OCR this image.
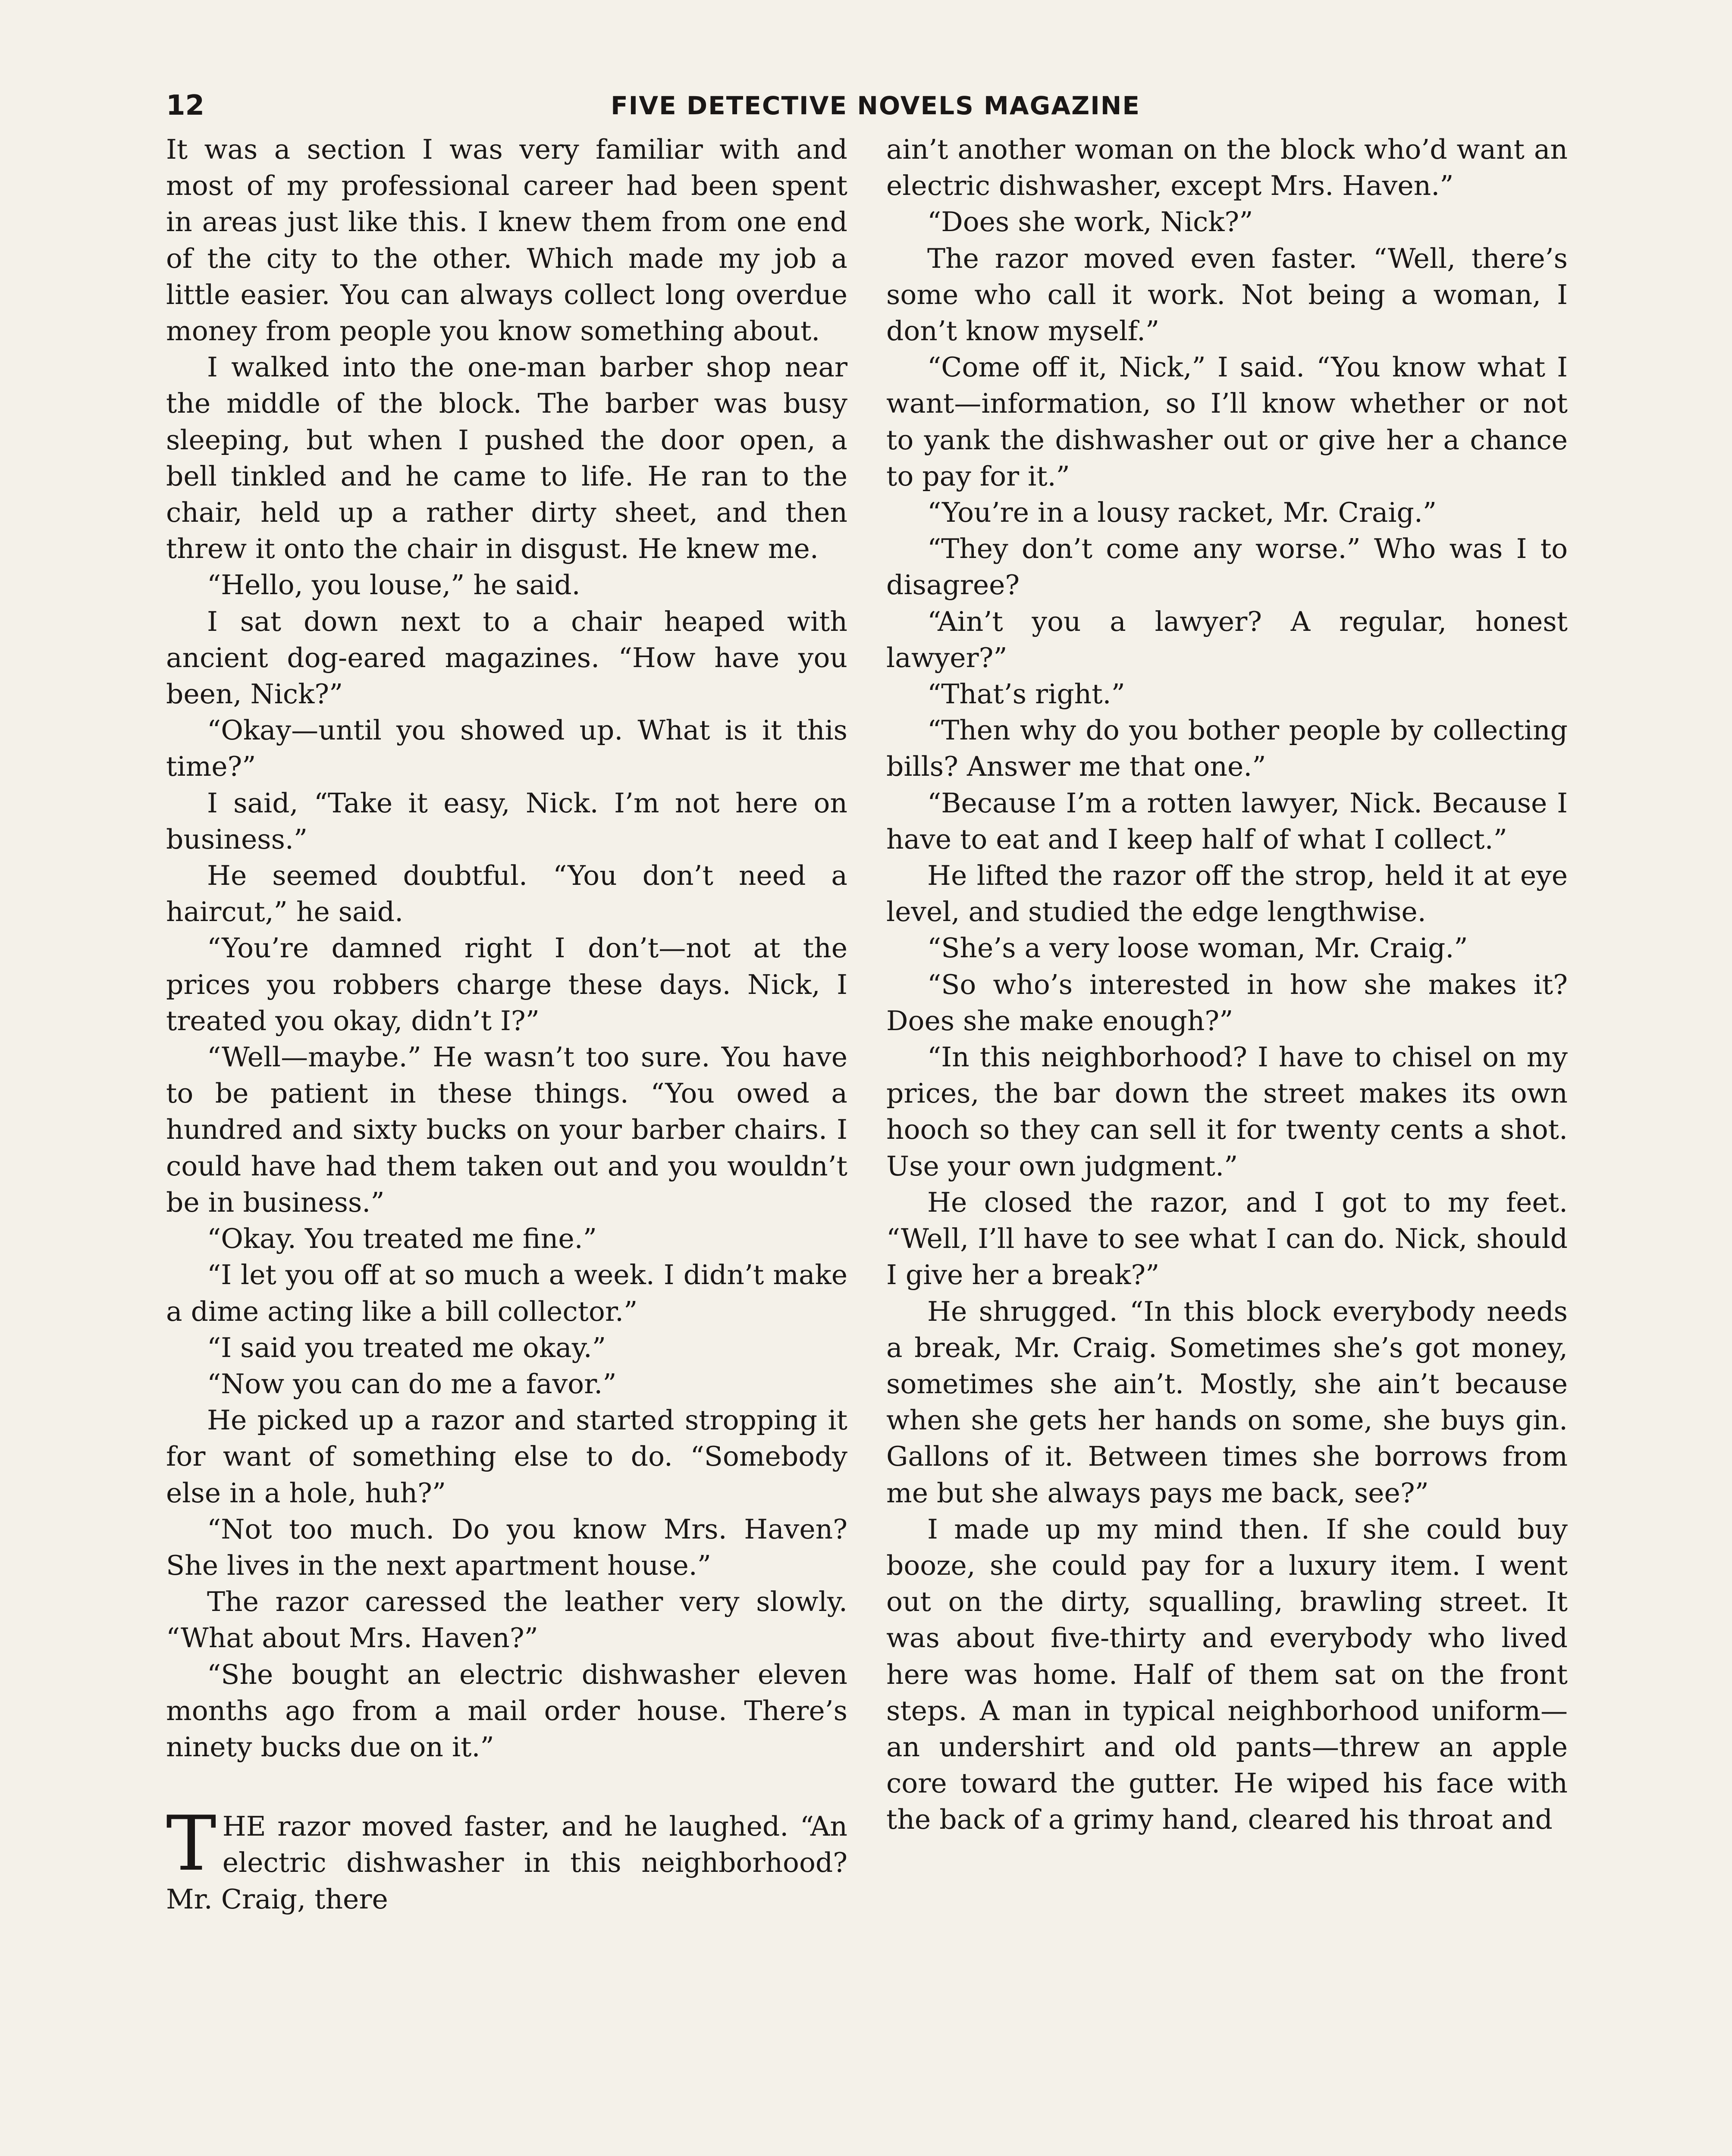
12	FIVE DETECTIVE NOVELS MAGAZINE

It was a section I was very familiar with and most of my professional career had been spent in areas just like this. I knew them from one end of the city to the other. Which made my job a little easier. You can always collect long overdue money from people you know something about.

I walked into the one-man barber shop near the middle of the block. The barber was busy sleeping, but when I pushed the door open, a bell tinkled and he came to life. He ran to the chair, held up a rather dirty sheet, and then threw it onto the chair in disgust. He knew me.

“Hello, you louse,” he said.

I sat down next to a chair heaped with ancient dog-eared magazines. “How have you been, Nick?”

“Okay—until you showed up. What is it this time?”

I said, “Take it easy, Nick. I’m not here on business.”

He seemed doubtful. “You don’t need a haircut,” he said.

“You’re damned right I don’t—not at the prices you robbers charge these days. Nick, I treated you okay, didn’t I?”

“Well—maybe.” He wasn’t too sure. You have to be patient in these things. “You owed a hundred and sixty bucks on your barber chairs. I could have had them taken out and you wouldn’t be in business.”

“Okay. You treated me fine.”

“I let you off at so much a week. I didn’t make a dime acting like a bill collector.”

“I said you treated me okay.”

“Now you can do me a favor.”

He picked up a razor and started stropping it for want of something else to do. “Somebody else in a hole, huh?”

“Not too much. Do you know Mrs. Haven? She lives in the next apartment house.”

The razor caressed the leather very slowly. “What about Mrs. Haven?”

“She bought an electric dishwasher eleven months ago from a mail order house. There’s ninety bucks due on it.”

THE razor moved faster, and he laughed. “An electric dishwasher in this neighborhood? Mr. Craig, there

ain’t another woman on the block who’d want an electric dishwasher, except Mrs. Haven.”

“Does she work, Nick?”

The razor moved even faster. “Well, there’s some who call it work. Not being a woman, I don’t know myself.”

“Come off it, Nick,” I said. “You know what I want—information, so I’ll know whether or not to yank the dishwasher out or give her a chance to pay for it.”

“You’re in a lousy racket, Mr. Craig.”

“They don’t come any worse.” Who was I to disagree?

“Ain’t you a lawyer? A regular, honest lawyer?”

“That’s right.”

“Then why do you bother people by collecting bills? Answer me that one.”

“Because I’m a rotten lawyer, Nick. Because I have to eat and I keep half of what I collect.”

He lifted the razor off the strop, held it at eye level, and studied the edge lengthwise.

“She’s a very loose woman, Mr. Craig.”

“So who’s interested in how she makes it? Does she make enough?”

“In this neighborhood? I have to chisel on my prices, the bar down the street makes its own hooch so they can sell it for twenty cents a shot. Use your own judgment.”

He closed the razor, and I got to my feet. “Well, I’ll have to see what I can do. Nick, should I give her a break?”

He shrugged. “In this block everybody needs a break, Mr. Craig. Sometimes she’s got money, sometimes she ain’t. Mostly, she ain’t because when she gets her hands on some, she buys gin. Gallons of it. Between times she borrows from me but she always pays me back, see?”

I made up my mind then. If she could buy booze, she could pay for a luxury item. I went out on the dirty, squalling, brawling street. It was about five-thirty and everybody who lived here was home. Half of them sat on the front steps. A man in typical neighborhood uniform—an undershirt and old pants—threw an apple core toward the gutter. He wiped his face with the back of a grimy hand, cleared his throat and
